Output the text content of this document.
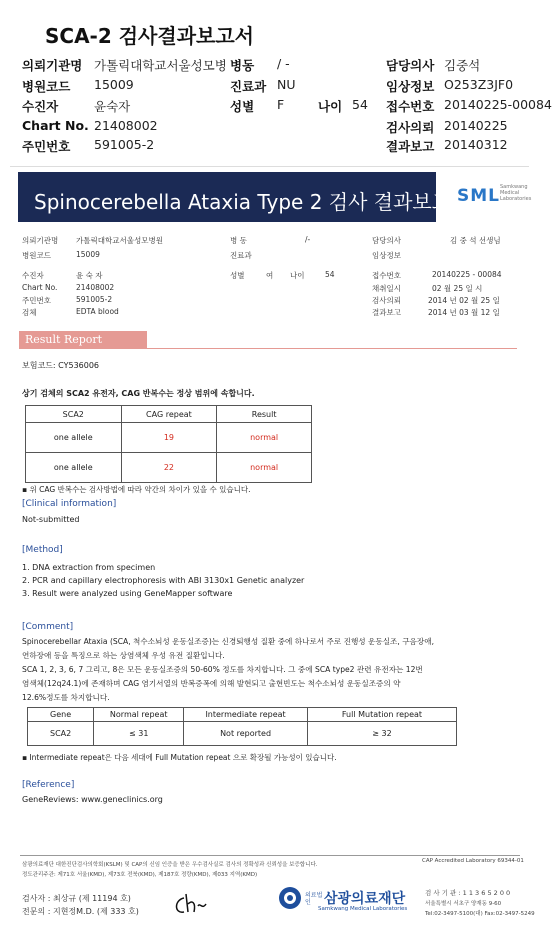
SCA-2 검사결과보고서
의뢰기관명 가톨릭대학교서울성모병 병동 / -	담당의사 김중석
병원코드 15009	진료과 NU	임상정보 O253Z3JF0
수진자	윤숙자	성별 F	나이 54 접수번호 20140225-00084
Chart No. 21408002	검사의뢰 20140225
주민번호 591005-2	결과보고 20140312
Spinocerebella Ataxia Type 2 검사 결과보고서
SML Samkwang
Medical
Laboratories
의뢰기관명 가톨릭대학교서울성모병원
병원코드	15009
수진자	윤 숙 자
Chart No. 21408002
주민번호	591005-2
검체	EDTA blood
병 동	/-
진료과
성별	여 나이	54
담당의사	김 중 석 선생님
임상정보
접수번호	20140225 - 00084
채취일시	02 월 25 일 시
검사의뢰	2014 년 02 월 25 일
결과보고	2014 년 03 월 12 일
Result Report
보험코드: CY536006
상기 검체의 SCA2 유전자, CAG 반복수는 정상 범위에 속합니다.
SCA2	CAG repeat	Result
one allele	19	normal
one allele	22	normal
▪ 위 CAG 반복수는 검사방법에 따라 약간의 차이가 있을 수 있습니다.
[Clinical information]
Not-submitted
[Method]
1. DNA extraction from specimen
2. PCR and capillary electrophoresis with ABI 3130x1 Genetic analyzer
3. Result were analyzed using GeneMapper software
[Comment]
Spinocerebellar Ataxia (SCA, 척수소뇌성 운동실조증)는 신경퇴행성 질환 중에 하나로서 주로 진행성 운동실조, 구음장애,
연하장애 등을 특징으로 하는 상염색체 우성 유전 질환입니다.
SCA 1, 2, 3, 6, 7 그리고, 8은 모든 운동실조증의 50-60% 정도를 차지합니다. 그 중에 SCA type2 관련 유전자는 12번
염색체(12q24.1)에 존재하며 CAG 염기서열의 반복증폭에 의해 발현되고 출현빈도는 척수소뇌성 운동실조증의 약
12.6%정도를 차지합니다.
Gene	Normal repeat	Intermediate repeat	Full Mutation repeat
SCA2	≤ 31	Not reported	≥ 32
▪ Intermediate repeat은 다음 세대에 Full Mutation repeat 으로 확장될 가능성이 있습니다.
[Reference]
GeneReviews: www.geneclinics.org
삼광의료재단 대한진단검사의학회(KSLM) 및 CAP의 신임 인증을 받은 우수검사실로 검사의 정확성과 신뢰성을 보증합니다.
정도관리주관: 제71호 서울(KMD), 제73호 전북(KMD), 제187호 정량(KMD), 제033 지역(KMD)
CAP Accredited Laboratory 69344-01
검사자 : 최상규 (제 11194 호)
전문의 : 지현정M.D. (제 333 호)
의료법인 삼광의료재단
Samkwang Medical Laboratories
검 사 기 관 : 1 1 3 6 5 2 0 0
서울특별시 서초구 양재동 9-60
Tel:02-3497-5100(대) Fax:02-3497-5249
